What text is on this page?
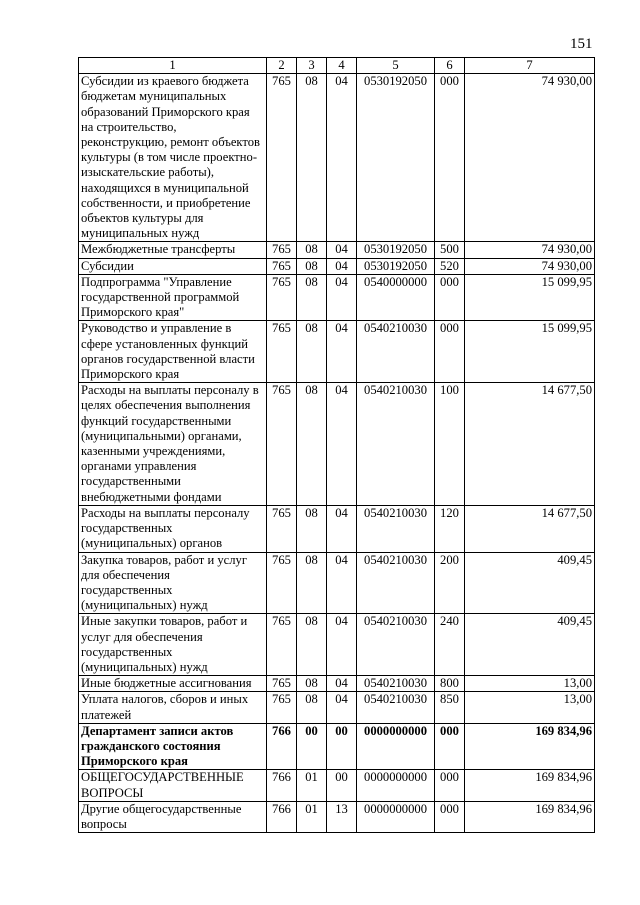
151
1	2	3	4	5	6	7
Субсидии из краевого бюджета бюджетам муниципальных образований Приморского края на строительство, реконструкцию, ремонт объектов культуры (в том числе проектно-изыскательские работы), находящихся в муниципальной собственности, и приобретение объектов культуры для муниципальных нужд	765	08	04	0530192050	000	74 930,00
Межбюджетные трансферты	765	08	04	0530192050	500	74 930,00
Субсидии	765	08	04	0530192050	520	74 930,00
Подпрограмма "Управление государственной программой Приморского края"	765	08	04	0540000000	000	15 099,95
Руководство и управление в сфере установленных функций органов государственной власти Приморского края	765	08	04	0540210030	000	15 099,95
Расходы на выплаты персоналу в целях обеспечения выполнения функций государственными (муниципальными) органами, казенными учреждениями, органами управления государственными внебюджетными фондами	765	08	04	0540210030	100	14 677,50
Расходы на выплаты персоналу государственных (муниципальных) органов	765	08	04	0540210030	120	14 677,50
Закупка товаров, работ и услуг для обеспечения государственных (муниципальных) нужд	765	08	04	0540210030	200	409,45
Иные закупки товаров, работ и услуг для обеспечения государственных (муниципальных) нужд	765	08	04	0540210030	240	409,45
Иные бюджетные ассигнования	765	08	04	0540210030	800	13,00
Уплата налогов, сборов и иных платежей	765	08	04	0540210030	850	13,00
Департамент записи актов гражданского состояния Приморского края	766	00	00	0000000000	000	169 834,96
ОБЩЕГОСУДАРСТВЕННЫЕ ВОПРОСЫ	766	01	00	0000000000	000	169 834,96
Другие общегосударственные вопросы	766	01	13	0000000000	000	169 834,96
